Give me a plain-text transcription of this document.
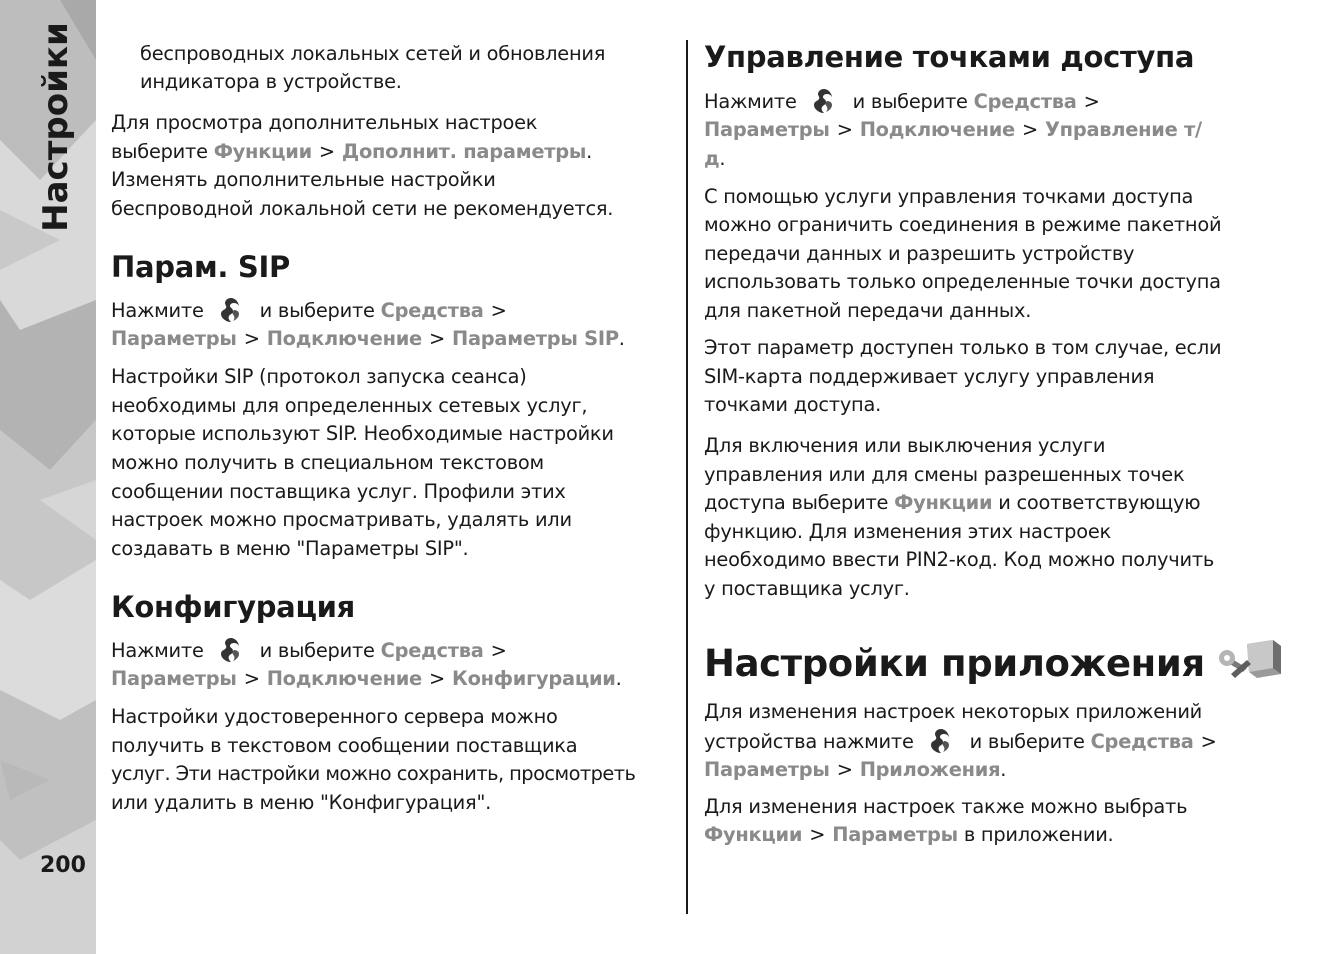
Настройки
200

беспроводных локальных сетей и обновления

индикатора в устройстве.

Для просмотра дополнительных настроек

выберите Функции > Дополнит. параметры.

Изменять дополнительные настройки

беспроводной локальной сети не рекомендуется.

Парам. SIP

Нажмите	и выберите Средства >

Параметры > Подключение > Параметры SIP.

Настройки SIP (протокол запуска сеанса)

необходимы для определенных сетевых услуг,

которые используют SIP. Необходимые настройки

можно получить в специальном текстовом

сообщении поставщика услуг. Профили этих

настроек можно просматривать, удалять или

создавать в меню "Параметры SIP".

Конфигурация

Нажмите	и выберите Средства >

Параметры > Подключение > Конфигурации.

Настройки удостоверенного сервера можно

получить в текстовом сообщении поставщика

услуг. Эти настройки можно сохранить, просмотреть

или удалить в меню "Конфигурация".

Управление точками доступа

Нажмите	и выберите Средства >

Параметры > Подключение > Управление т/

д.

С помощью услуги управления точками доступа

можно ограничить соединения в режиме пакетной

передачи данных и разрешить устройству

использовать только определенные точки доступа

для пакетной передачи данных.

Этот параметр доступен только в том случае, если

SIM-карта поддерживает услугу управления

точками доступа.

Для включения или выключения услуги

управления или для смены разрешенных точек

доступа выберите Функции и соответствующую

функцию. Для изменения этих настроек

необходимо ввести PIN2-код. Код можно получить

у поставщика услуг.

Настройки приложения

Для изменения настроек некоторых приложений

устройства нажмите	и выберите Средства >

Параметры > Приложения.

Для изменения настроек также можно выбрать

Функции > Параметры в приложении.
